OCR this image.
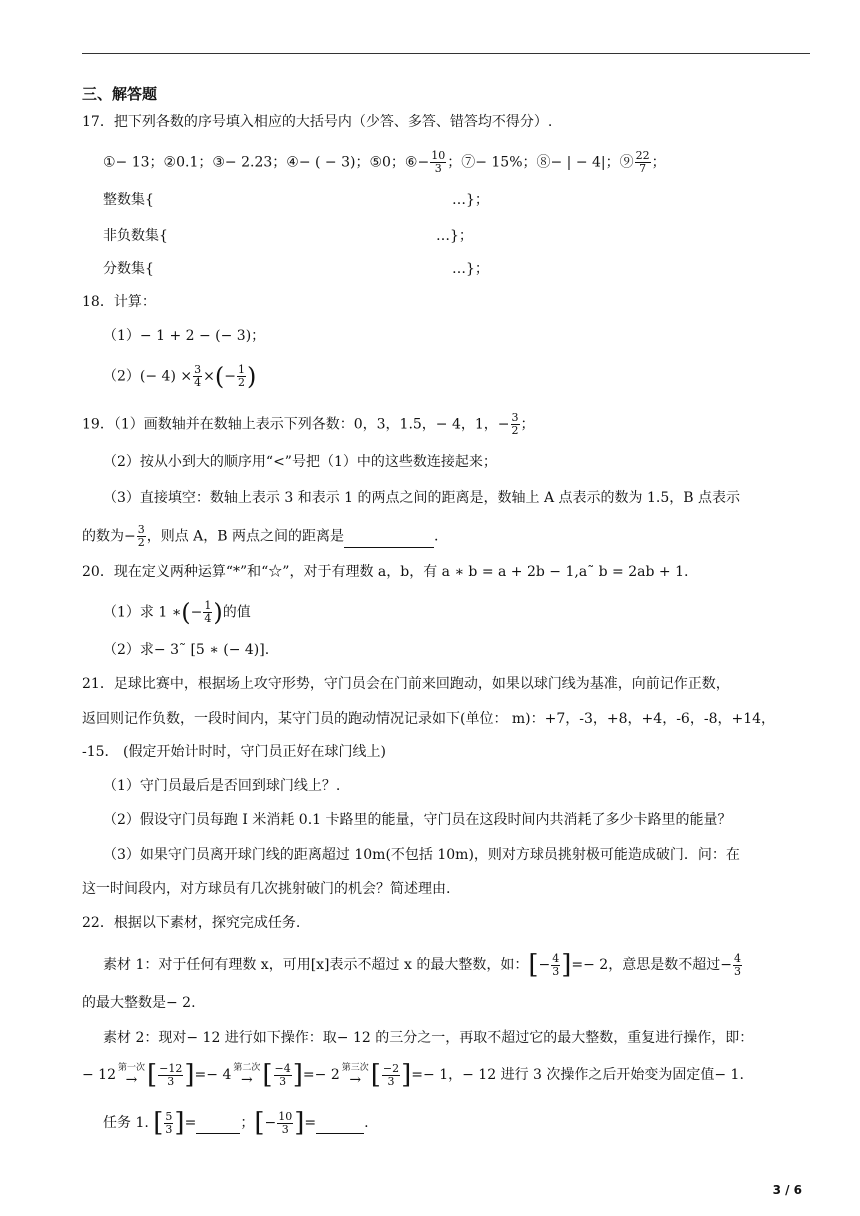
三、解答题
17．把下列各数的序号填入相应的大括号内（少答、多答、错答均不得分）.
①− 13；②0.1；③− 2.23；④− ( − 3)；⑤0；⑥− $\frac{10}{3}$ ；⑦− 15%；⑧− | − 4|；⑨ $\frac{22}{7}$ ；
整数集{	…}；
非负数集{	…}；
分数集{	…}；
18．计算：
（1）− 1 + 2 − (− 3)；
$(2)(- 4) \times \frac{3}{4}$ ×(− $\frac{1}{2}$ )
19．（1）画数轴并在数轴上表示下列各数：0，3，1.5，− 4，1，− $\frac{3}{2}$ ；
（2）按从小到大的顺序用“<”号把（1）中的这些数连接起来；
（3）直接填空：数轴上表示 3 和表示 1 的两点之间的距离是，数轴上 A 点表示的数为 1.5，B 点表示
的数为− $\frac{3}{2}$ ，则点 A，B 两点之间的距离是	.
20．现在定义两种运算“*”和“☆”，对于有理数 a，b，有 a ∗ b = a + 2b − 1,a˜ b = 2ab + 1.
（1）求 1 ∗(− $\frac{1}{4}$ )的值
（2）求− 3˜ [5 ∗ (− 4)].
21．足球比赛中，根据场上攻守形势，守门员会在门前来回跑动，如果以球门线为基准，向前记作正数，
返回则记作负数，一段时间内，某守门员的跑动情况记录如下(单位： m)：+7，-3，+8，+4，-6，-8，+14，
-15． (假定开始计时时，守门员正好在球门线上)
（1）守门员最后是否回到球门线上？.
（2）假设守门员每跑 I 米消耗 0.1 卡路里的能量，守门员在这段时间内共消耗了多少卡路里的能量？
（3）如果守门员离开球门线的距离超过 10m(不包括 10m)，则对方球员挑射极可能造成破门．问：在
这一时间段内，对方球员有几次挑射破门的机会？简述理由.
22．根据以下素材，探究完成任务.
素材 1：对于任何有理数 x，可用[x]表示不超过 x 的最大整数，如： [ − $\frac{4}{3}$ ] =− 2，意思是数不超过− $\frac{4}{3}$
的最大整数是− 2.
素材 2：现对− 12 进行如下操作：取− 12 的三分之一，再取不超过它的最大整数，重复进行操作，即：
− 12 第一次
→ [ $\frac{-12}{3}$ ] =− 4 第二次
→ [ $\frac{-4}{3}$ ] =− 2 第三次
→ [ $\frac{-2}{3}$ ] =− 1，− 12 进行 3 次操作之后开始变为固定值− 1.
任务 1. [ $\frac{5}{3}$ ] =	； [ − $\frac{10}{3}$ ] =	.
3 / 6
